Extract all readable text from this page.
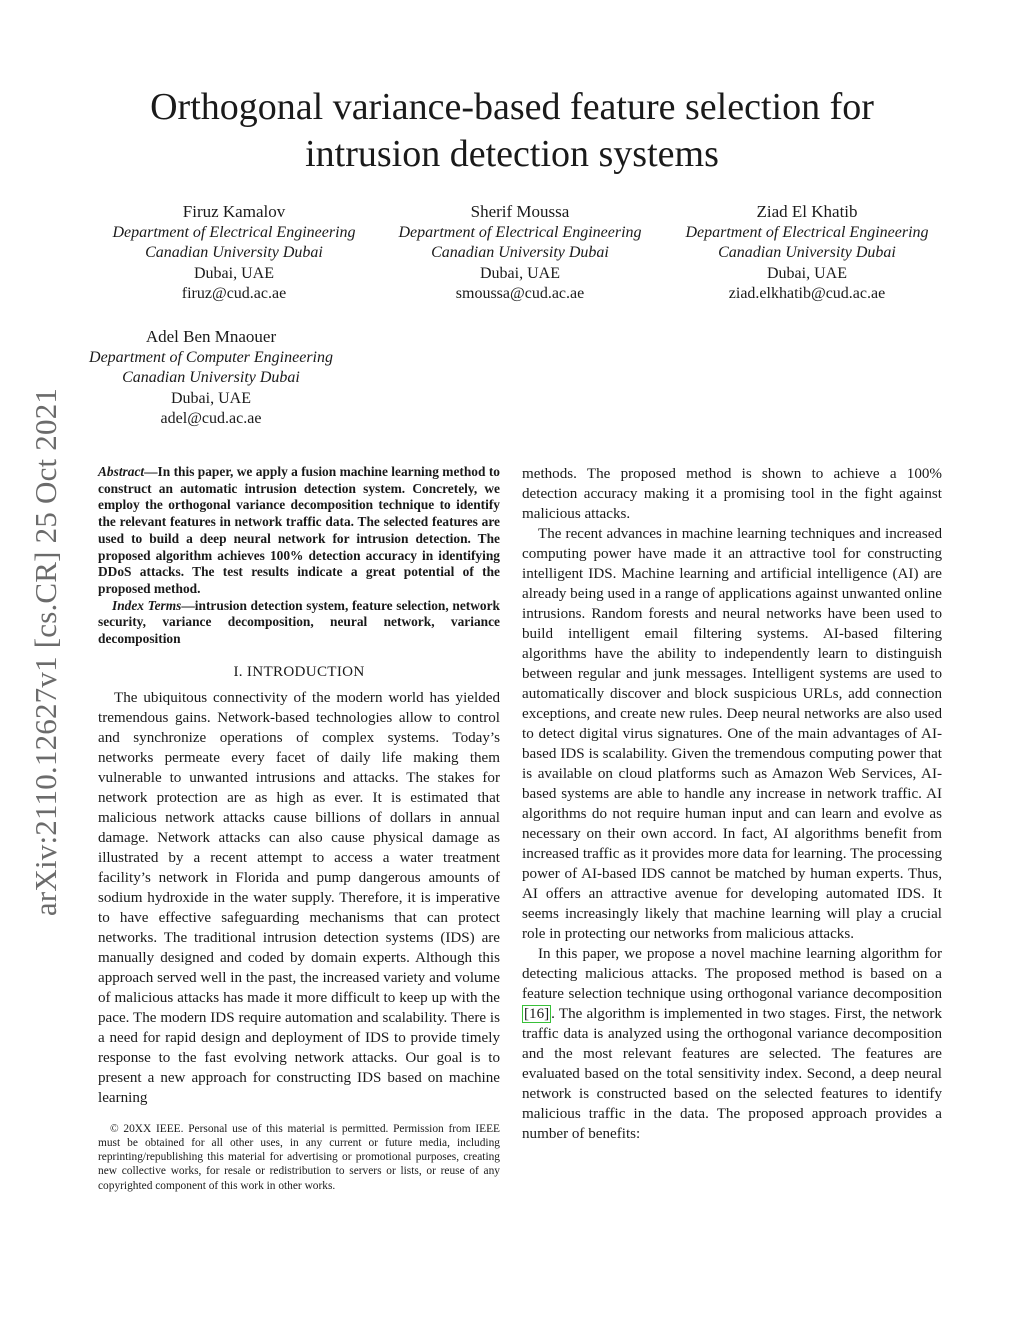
arXiv:2110.12627v1 [cs.CR] 25 Oct 2021
Orthogonal variance-based feature selection for
intrusion detection systems
Firuz Kamalov
Department of Electrical Engineering
Canadian University Dubai
Dubai, UAE
firuz@cud.ac.ae
Sherif Moussa
Department of Electrical Engineering
Canadian University Dubai
Dubai, UAE
smoussa@cud.ac.ae
Ziad El Khatib
Department of Electrical Engineering
Canadian University Dubai
Dubai, UAE
ziad.elkhatib@cud.ac.ae
Adel Ben Mnaouer
Department of Computer Engineering
Canadian University Dubai
Dubai, UAE
adel@cud.ac.ae

Abstract—In this paper, we apply a fusion machine learning method to construct an automatic intrusion detection system. Concretely, we employ the orthogonal variance decomposition technique to identify the relevant features in network traffic data. The selected features are used to build a deep neural network for intrusion detection. The proposed algorithm achieves 100% detection accuracy in identifying DDoS attacks. The test results indicate a great potential of the proposed method.

Index Terms—intrusion detection system, feature selection, network security, variance decomposition, neural network, variance decomposition

I. INTRODUCTION

The ubiquitous connectivity of the modern world has yielded tremendous gains. Network-based technologies allow to control and synchronize operations of complex systems. Today’s networks permeate every facet of daily life making them vulnerable to unwanted intrusions and attacks. The stakes for network protection are as high as ever. It is estimated that malicious network attacks cause billions of dollars in annual damage. Network attacks can also cause physical damage as illustrated by a recent attempt to access a water treatment facility’s network in Florida and pump dangerous amounts of sodium hydroxide in the water supply. Therefore, it is imperative to have effective safeguarding mechanisms that can protect networks. The traditional intrusion detection systems (IDS) are manually designed and coded by domain experts. Although this approach served well in the past, the increased variety and volume of malicious attacks has made it more difficult to keep up with the pace. The modern IDS require automation and scalability. There is a need for rapid design and deployment of IDS to provide timely response to the fast evolving network attacks. Our goal is to present a new approach for constructing IDS based on machine learning

© 20XX IEEE. Personal use of this material is permitted. Permission from IEEE must be obtained for all other uses, in any current or future media, including reprinting/republishing this material for advertising or promotional purposes, creating new collective works, for resale or redistribution to servers or lists, or reuse of any copyrighted component of this work in other works.

methods. The proposed method is shown to achieve a 100% detection accuracy making it a promising tool in the fight against malicious attacks.

The recent advances in machine learning techniques and increased computing power have made it an attractive tool for constructing intelligent IDS. Machine learning and artificial intelligence (AI) are already being used in a range of applications against unwanted online intrusions. Random forests and neural networks have been used to build intelligent email filtering systems. AI-based filtering algorithms have the ability to independently learn to distinguish between regular and junk messages. Intelligent systems are used to automatically discover and block suspicious URLs, add connection exceptions, and create new rules. Deep neural networks are also used to detect digital virus signatures. One of the main advantages of AI-based IDS is scalability. Given the tremendous computing power that is available on cloud platforms such as Amazon Web Services, AI-based systems are able to handle any increase in network traffic. AI algorithms do not require human input and can learn and evolve as necessary on their own accord. In fact, AI algorithms benefit from increased traffic as it provides more data for learning. The processing power of AI-based IDS cannot be matched by human experts. Thus, AI offers an attractive avenue for developing automated IDS. It seems increasingly likely that machine learning will play a crucial role in protecting our networks from malicious attacks.

In this paper, we propose a novel machine learning algorithm for detecting malicious attacks. The proposed method is based on a feature selection technique using orthogonal variance decomposition [16] . The algorithm is implemented in two stages. First, the network traffic data is analyzed using the orthogonal variance decomposition and the most relevant features are selected. The features are evaluated based on the total sensitivity index. Second, a deep neural network is constructed based on the selected features to identify malicious traffic in the data. The proposed approach provides a number of benefits:
